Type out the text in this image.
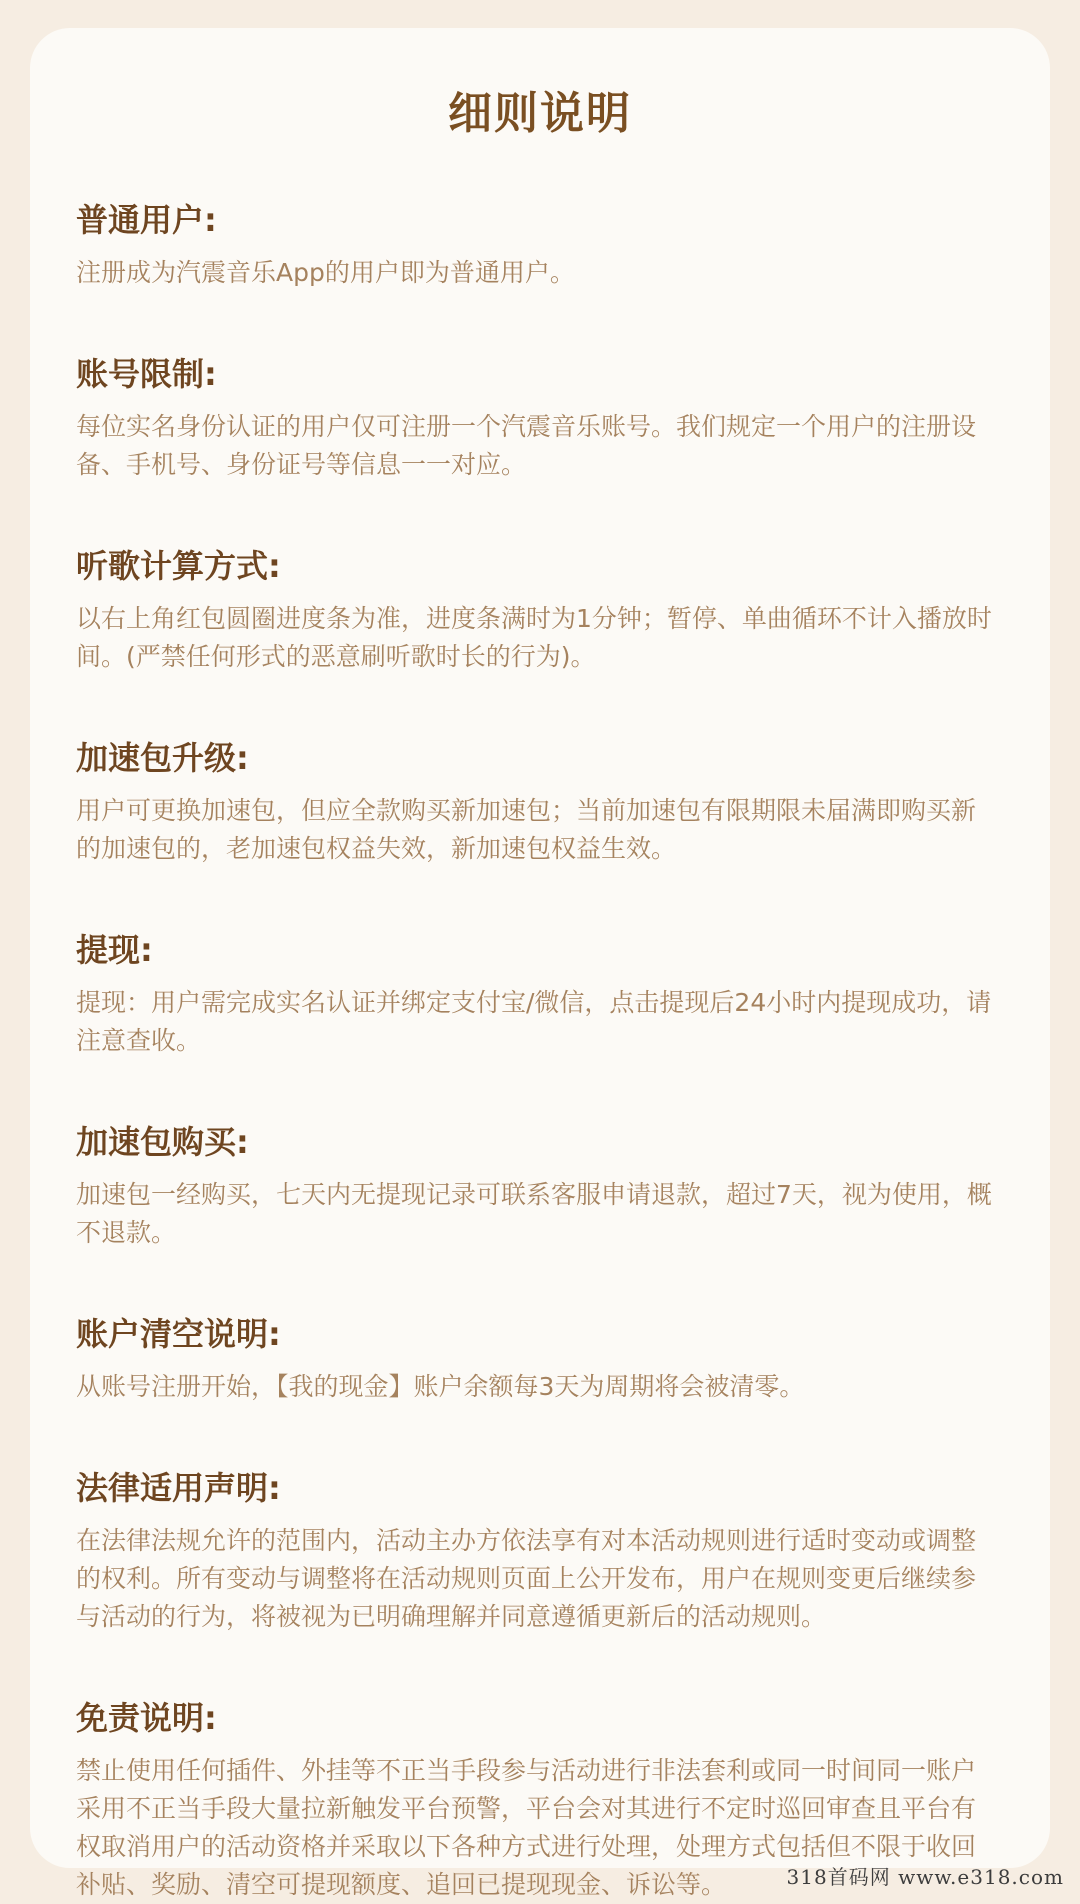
细则说明
普通用户:
注册成为汽震音乐App的用户即为普通用户。
账号限制:
每位实名身份认证的用户仅可注册一个汽震音乐账号。我们规定一个用户的注册设备、手机号、身份证号等信息一一对应。
听歌计算方式:
以右上角红包圆圈进度条为准，进度条满时为1分钟；暂停、单曲循环不计入播放时间。(严禁任何形式的恶意刷听歌时长的行为)。
加速包升级:
用户可更换加速包，但应全款购买新加速包；当前加速包有限期限未届满即购买新的加速包的，老加速包权益失效，新加速包权益生效。
提现:
提现：用户需完成实名认证并绑定支付宝/微信，点击提现后24小时内提现成功，请注意查收。
加速包购买:
加速包一经购买，七天内无提现记录可联系客服申请退款，超过7天，视为使用，概不退款。
账户清空说明:
从账号注册开始，【我的现金】账户余额每3天为周期将会被清零。
法律适用声明:
在法律法规允许的范围内，活动主办方依法享有对本活动规则进行适时变动或调整的权利。所有变动与调整将在活动规则页面上公开发布，用户在规则变更后继续参与活动的行为，将被视为已明确理解并同意遵循更新后的活动规则。
免责说明:
禁止使用任何插件、外挂等不正当手段参与活动进行非法套利或同一时间同一账户采用不正当手段大量拉新触发平台预警，平台会对其进行不定时巡回审查且平台有权取消用户的活动资格并采取以下各种方式进行处理，处理方式包括但不限于收回补贴、奖励、清空可提现额度、追回已提现现金、诉讼等。	318首码网 www.e318.com
